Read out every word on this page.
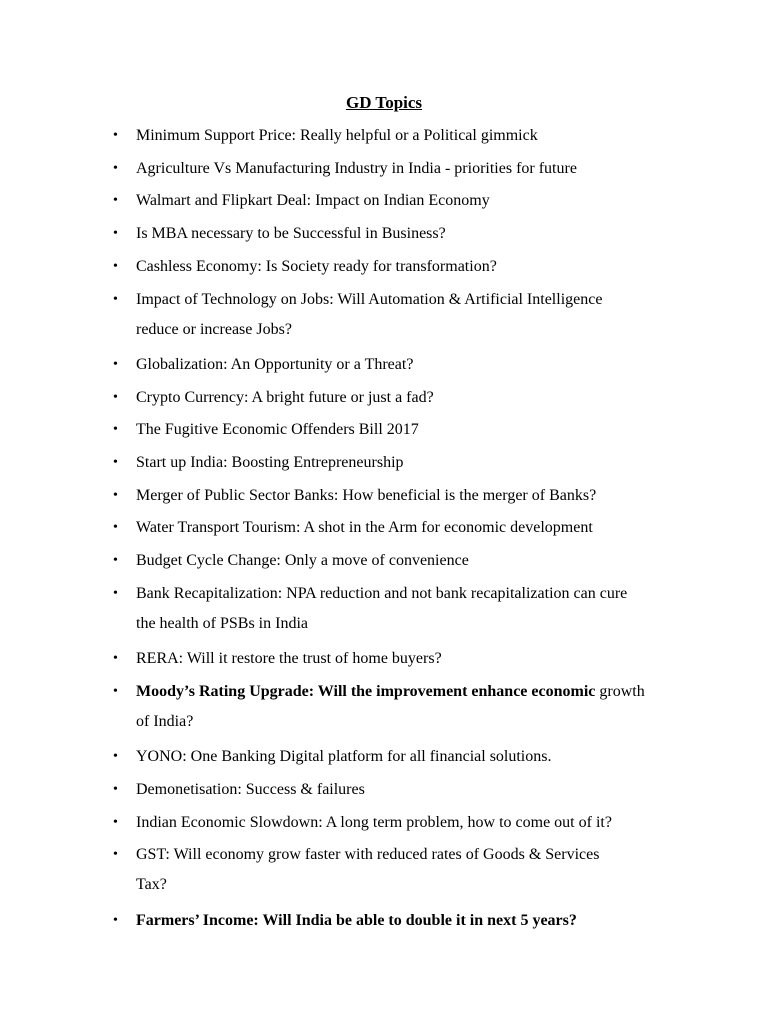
GD Topics
•	Minimum Support Price: Really helpful or a Political gimmick
•	Agriculture Vs Manufacturing Industry in India - priorities for future
•	Walmart and Flipkart Deal: Impact on Indian Economy
•	Is MBA necessary to be Successful in Business?
•	Cashless Economy: Is Society ready for transformation?
•	Impact of Technology on Jobs: Will Automation & Artificial Intelligence
reduce or increase Jobs?
•	Globalization: An Opportunity or a Threat?
•	Crypto Currency: A bright future or just a fad?
•	The Fugitive Economic Offenders Bill 2017
•	Start up India: Boosting Entrepreneurship
•	Merger of Public Sector Banks: How beneficial is the merger of Banks?
•	Water Transport Tourism: A shot in the Arm for economic development
•	Budget Cycle Change: Only a move of convenience
•	Bank Recapitalization: NPA reduction and not bank recapitalization can cure
the health of PSBs in India
•	RERA: Will it restore the trust of home buyers?
•	Moody’s Rating Upgrade: Will the improvement enhance economic growth
of India?
•	YONO: One Banking Digital platform for all financial solutions.
•	Demonetisation: Success & failures
•	Indian Economic Slowdown: A long term problem, how to come out of it?
•	GST: Will economy grow faster with reduced rates of Goods & Services
Tax?
•	Farmers’ Income: Will India be able to double it in next 5 years?
